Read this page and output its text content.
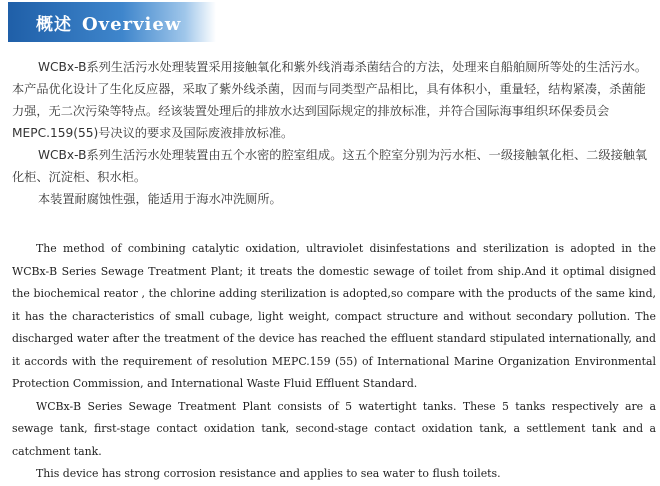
概述 Overview

WCBx-B系列生活污水处理装置采用接触氧化和紫外线消毒杀菌结合的方法，处理来自船舶厕所等处的生活污水。本产品优化设计了生化反应器，采取了紫外线杀菌，因而与同类型产品相比，具有体积小，重量轻，结构紧凑，杀菌能力强，无二次污染等特点。经该装置处理后的排放水达到国际规定的排放标准，并符合国际海事组织环保委员会MEPC.159(55)号决议的要求及国际废液排放标准。

WCBx-B系列生活污水处理装置由五个水密的腔室组成。这五个腔室分别为污水柜、一级接触氧化柜、二级接触氧化柜、沉淀柜、积水柜。

本装置耐腐蚀性强，能适用于海水冲洗厕所。

The method of combining catalytic oxidation, ultraviolet disinfestations and sterilization is adopted in the WCBx-B Series Sewage Treatment Plant; it treats the domestic sewage of toilet from ship.And it optimal disigned the biochemical reator , the chlorine adding sterilization is adopted,so compare with the products of the same kind, it has the characteristics of small cubage, light weight, compact structure and without secondary pollution. The discharged water after the treatment of the device has reached the effluent standard stipulated internationally, and it accords with the requirement of resolution MEPC.159 (55) of International Marine Organization Environmental Protection Commission, and International Waste Fluid Effluent Standard.

WCBx-B Series Sewage Treatment Plant consists of 5 watertight tanks. These 5 tanks respectively are a sewage tank, first-stage contact oxidation tank, second-stage contact oxidation tank, a settlement tank and a catchment tank.

This device has strong corrosion resistance and applies to sea water to flush toilets.
